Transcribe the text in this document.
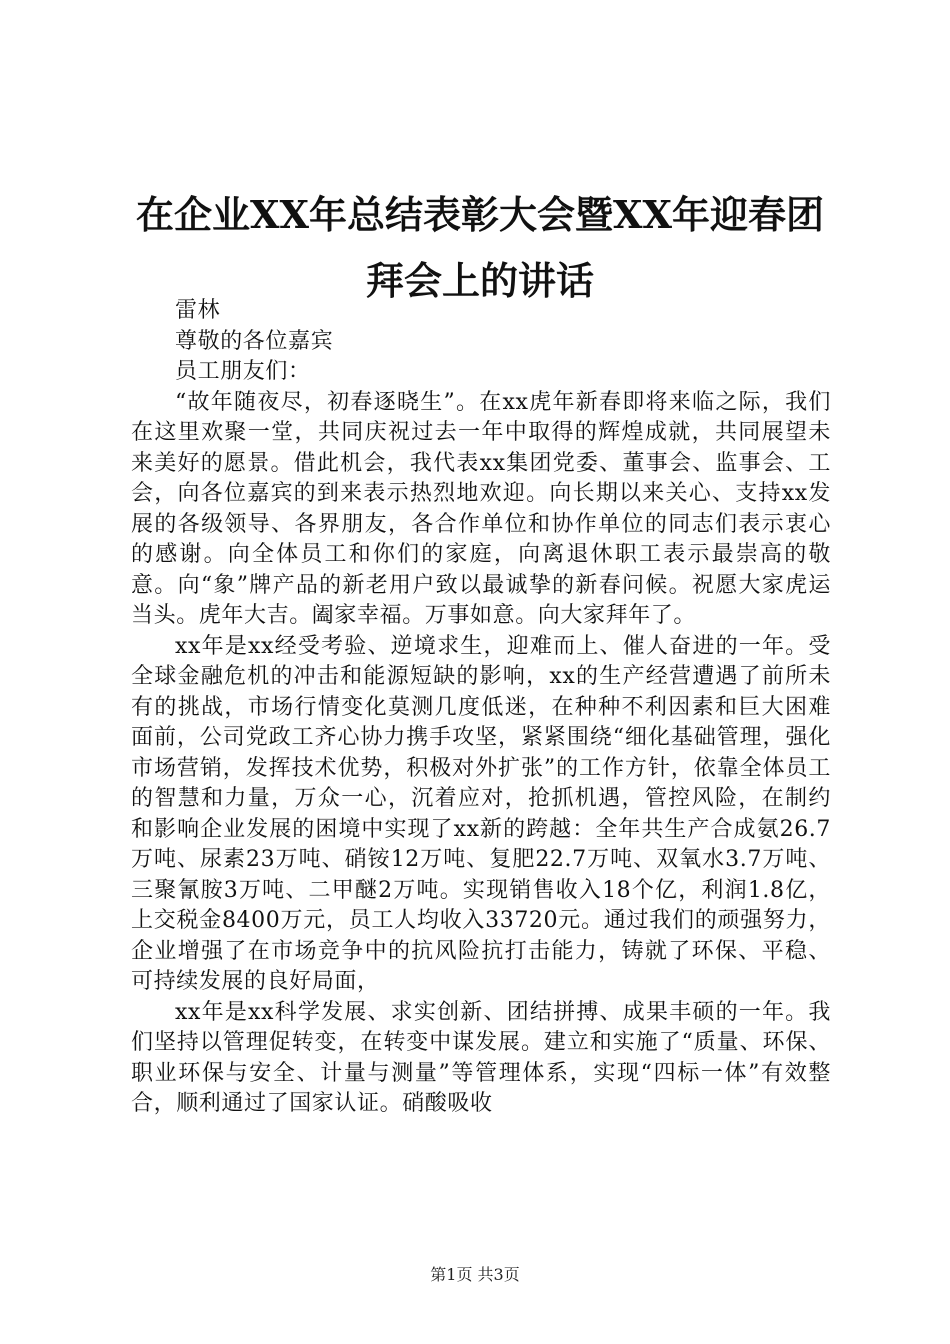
在企业XX年总结表彰大会暨XX年迎春团拜会上的讲话

雷林

尊敬的各位嘉宾

员工朋友们：

“故年随夜尽，初春逐晓生”。在xx虎年新春即将来临之际，我们在这里欢聚一堂，共同庆祝过去一年中取得的辉煌成就，共同展望未来美好的愿景。借此机会，我代表xx集团党委、董事会、监事会、工会，向各位嘉宾的到来表示热烈地欢迎。向长期以来关心、支持xx发展的各级领导、各界朋友，各合作单位和协作单位的同志们表示衷心的感谢。向全体员工和你们的家庭，向离退休职工表示最崇高的敬意。向“象”牌产品的新老用户致以最诚挚的新春问候。祝愿大家虎运当头。虎年大吉。阖家幸福。万事如意。向大家拜年了。

xx年是xx经受考验、逆境求生，迎难而上、催人奋进的一年。受全球金融危机的冲击和能源短缺的影响，xx的生产经营遭遇了前所未有的挑战，市场行情变化莫测几度低迷，在种种不利因素和巨大困难面前，公司党政工齐心协力携手攻坚，紧紧围绕“细化基础管理，强化市场营销，发挥技术优势，积极对外扩张”的工作方针，依靠全体员工的智慧和力量，万众一心，沉着应对，抢抓机遇，管控风险，在制约和影响企业发展的困境中实现了xx新的跨越：全年共生产合成氨26.7万吨、尿素23万吨、硝铵12万吨、复肥22.7万吨、双氧水3.7万吨、三聚氰胺3万吨、二甲醚2万吨。实现销售收入18个亿，利润1.8亿，上交税金8400万元，员工人均收入33720元。通过我们的顽强努力，企业增强了在市场竞争中的抗风险抗打击能力，铸就了环保、平稳、可持续发展的良好局面，

xx年是xx科学发展、求实创新、团结拼搏、成果丰硕的一年。我们坚持以管理促转变，在转变中谋发展。建立和实施了“质量、环保、职业环保与安全、计量与测量”等管理体系，实现“四标一体”有效整合，顺利通过了国家认证。硝酸吸收

第1页 共3页
